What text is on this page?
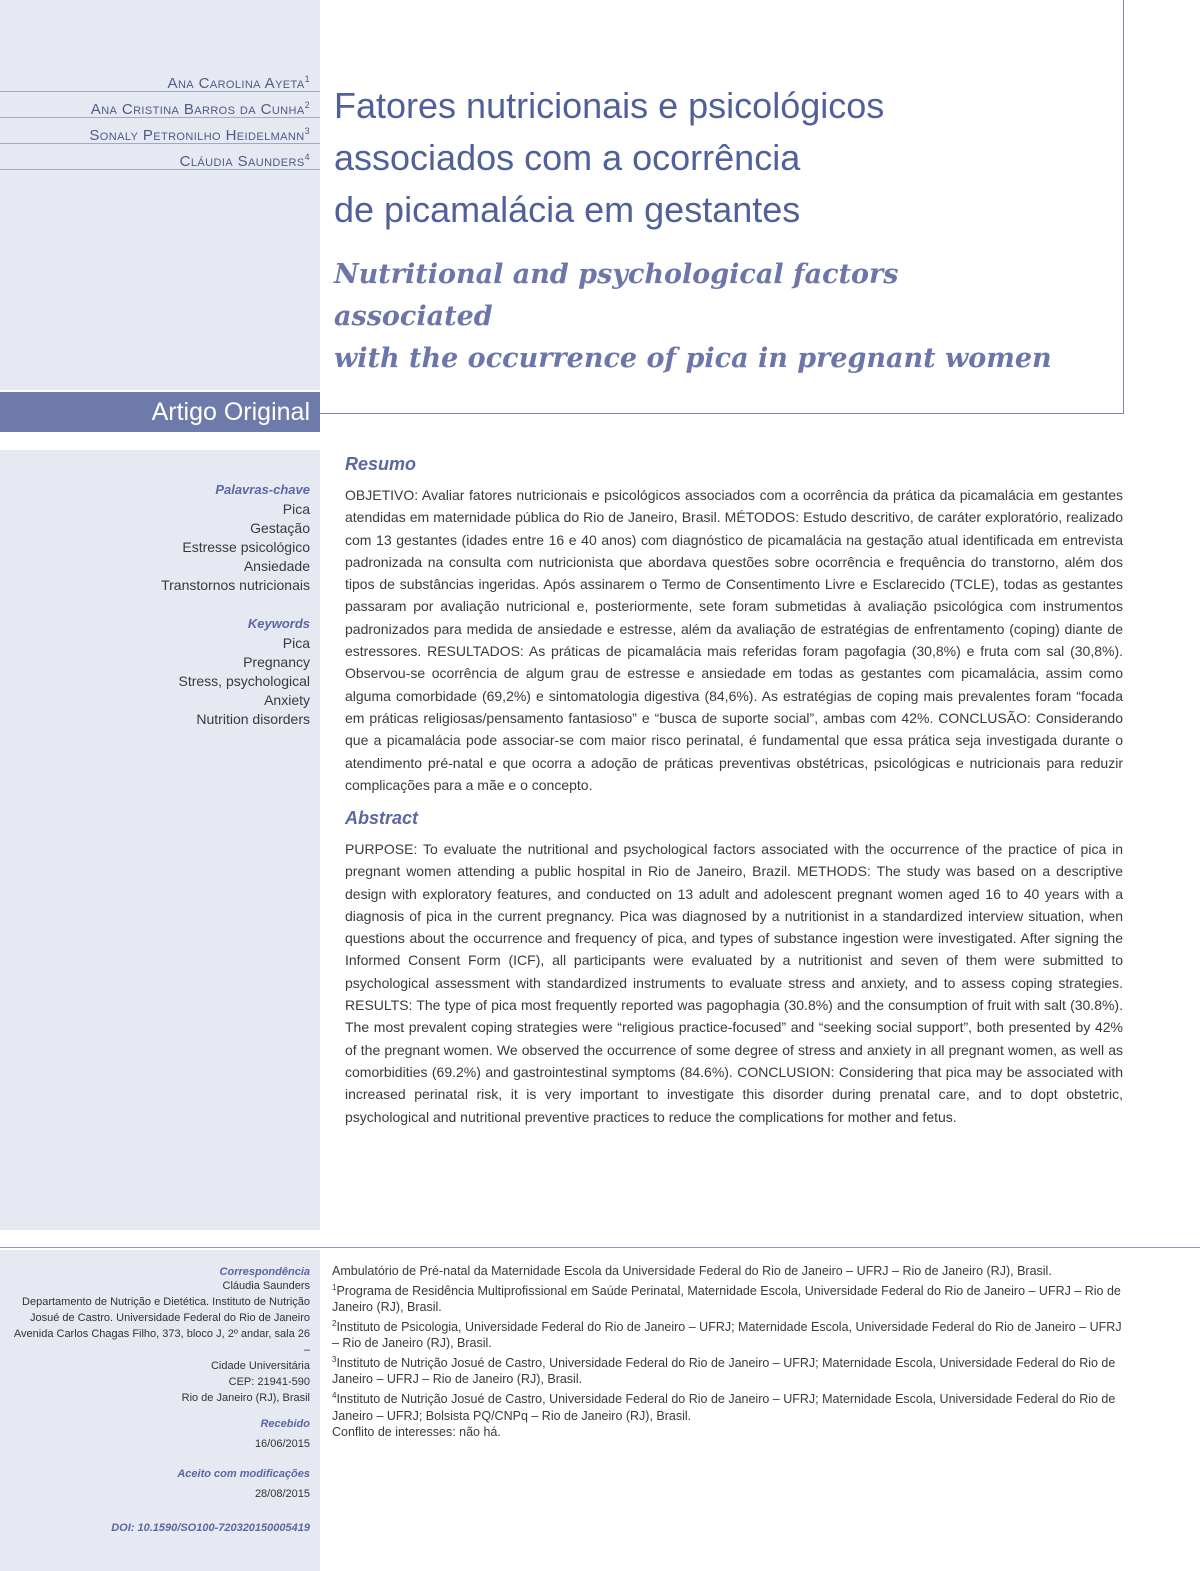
Ana Carolina Ayeta$^1$
Ana Cristina Barros da Cunha$^2$
Sonaly Petronilho Heidelmann$^3$
Cláudia Saunders$^4$
Fatores nutricionais e psicológicos
associados com a ocorrência
de picamalácia em gestantes
Nutritional and psychological factors associated
with the occurrence of pica in pregnant women
Artigo Original
Palavras-chave
Pica
Gestação
Estresse psicológico
Ansiedade
Transtornos nutricionais
Keywords
Pica
Pregnancy
Stress, psychological
Anxiety
Nutrition disorders
Resumo

OBJETIVO: Avaliar fatores nutricionais e psicológicos associados com a ocorrência da prática da picamalácia em gestantes atendidas em maternidade pública do Rio de Janeiro, Brasil. MÉTODOS: Estudo descritivo, de caráter exploratório, realizado com 13 gestantes (idades entre 16 e 40 anos) com diagnóstico de picamalácia na gestação atual identificada em entrevista padronizada na consulta com nutricionista que abordava questões sobre ocorrência e frequência do transtorno, além dos tipos de substâncias ingeridas. Após assinarem o Termo de Consentimento Livre e Esclarecido (TCLE), todas as gestantes passaram por avaliação nutricional e, posteriormente, sete foram submetidas à avaliação psicológica com instrumentos padronizados para medida de ansiedade e estresse, além da avaliação de estratégias de enfrentamento (coping) diante de estressores. RESULTADOS: As práticas de picamalácia mais referidas foram pagofagia (30,8%) e fruta com sal (30,8%). Observou-se ocorrência de algum grau de estresse e ansiedade em todas as gestantes com picamalácia, assim como alguma comorbidade (69,2%) e sintomatologia digestiva (84,6%). As estratégias de coping mais prevalentes foram “focada em práticas religiosas/pensamento fantasioso” e “busca de suporte social”, ambas com 42%. CONCLUSÃO: Considerando que a picamalácia pode associar-se com maior risco perinatal, é fundamental que essa prática seja investigada durante o atendimento pré-natal e que ocorra a adoção de práticas preventivas obstétricas, psicológicas e nutricionais para reduzir complicações para a mãe e o concepto.

Abstract

PURPOSE: To evaluate the nutritional and psychological factors associated with the occurrence of the practice of pica in pregnant women attending a public hospital in Rio de Janeiro, Brazil. METHODS: The study was based on a descriptive design with exploratory features, and conducted on 13 adult and adolescent pregnant women aged 16 to 40 years with a diagnosis of pica in the current pregnancy. Pica was diagnosed by a nutritionist in a standardized interview situation, when questions about the occurrence and frequency of pica, and types of substance ingestion were investigated. After signing the Informed Consent Form (ICF), all participants were evaluated by a nutritionist and seven of them were submitted to psychological assessment with standardized instruments to evaluate stress and anxiety, and to assess coping strategies. RESULTS: The type of pica most frequently reported was pagophagia (30.8%) and the consumption of fruit with salt (30.8%). The most prevalent coping strategies were “religious practice-focused” and “seeking social support”, both presented by 42% of the pregnant women. We observed the occurrence of some degree of stress and anxiety in all pregnant women, as well as comorbidities (69.2%) and gastrointestinal symptoms (84.6%). CONCLUSION: Considering that pica may be associated with increased perinatal risk, it is very important to investigate this disorder during prenatal care, and to dopt obstetric, psychological and nutritional preventive practices to reduce the complications for mother and fetus.

Correspondência
Cláudia Saunders
Departamento de Nutrição e Dietética. Instituto de Nutrição
Josué de Castro. Universidade Federal do Rio de Janeiro
Avenida Carlos Chagas Filho, 373, bloco J, 2º andar, sala 26 –
Cidade Universitária
CEP: 21941-590
Rio de Janeiro (RJ), Brasil
Recebido
16/06/2015
Aceito com modificações
28/08/2015
DOI: 10.1590/SO100-720320150005419

Ambulatório de Pré-natal da Maternidade Escola da Universidade Federal do Rio de Janeiro – UFRJ – Rio de Janeiro (RJ), Brasil.

$^1$Programa de Residência Multiprofissional em Saúde Perinatal, Maternidade Escola, Universidade Federal do Rio de Janeiro – UFRJ – Rio de Janeiro (RJ), Brasil.

$^2$Instituto de Psicologia, Universidade Federal do Rio de Janeiro – UFRJ; Maternidade Escola, Universidade Federal do Rio de Janeiro – UFRJ – Rio de Janeiro (RJ), Brasil.

$^3$Instituto de Nutrição Josué de Castro, Universidade Federal do Rio de Janeiro – UFRJ; Maternidade Escola, Universidade Federal do Rio de Janeiro – UFRJ – Rio de Janeiro (RJ), Brasil.

$^4$Instituto de Nutrição Josué de Castro, Universidade Federal do Rio de Janeiro – UFRJ; Maternidade Escola, Universidade Federal do Rio de Janeiro – UFRJ; Bolsista PQ/CNPq – Rio de Janeiro (RJ), Brasil.

Conflito de interesses: não há.
